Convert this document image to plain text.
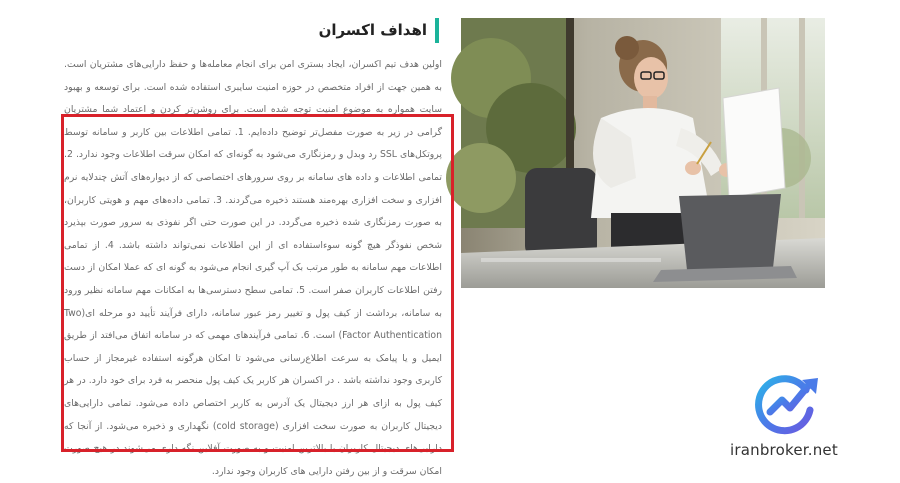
اهداف اکسران

اولین هدف تیم اکسران، ایجاد بستری امن برای انجام معامله‌ها و حفظ دارایی‌های مشتریان است. به همین جهت از افراد متخصص در حوزه امنیت سایبری استفاده شده است. برای توسعه و بهبود سایت همواره به موضوع امنیت توجه شده است. برای روشن‌تر کردن و اعتماد شما مشتریان گرامی در زیر به صورت مفصل‌تر توضیح داده‌ایم. 1. تمامی اطلاعات بین کاربر و سامانه توسط پروتکل‌های SSL رد وبدل و رمزنگاری می‌شود به گونه‌ای که امکان سرقت اطلاعات وجود ندارد. 2. تمامی اطلاعات و داده های سامانه بر روی سرورهای اختصاصی که از دیواره‌های آتش چندلایه نرم افزاری و سخت افزاری بهره‌مند هستند ذخیره می‌گردند. 3. تمامی داده‌های مهم و هویتی کاربران، به صورت رمزنگاری شده ذخیره می‌گردد. در این صورت حتی اگر نفوذی به سرور صورت بپذیرد شخص نفوذگر هیچ گونه سوءاستفاده ای از این اطلاعات نمی‌تواند داشته باشد. 4. از تمامی اطلاعات مهم سامانه به طور مرتب بک آپ گیری انجام می‌شود به گونه ای که عملا امکان از دست رفتن اطلاعات کاربران صفر است. 5. تمامی سطح دسترسی‌ها به امکانات مهم سامانه نظیر ورود به سامانه، برداشت از کیف پول و تغییر رمز عبور سامانه، دارای فرآیند تأیید دو مرحله ای(Two Factor Authentication) است. 6. تمامی فرآیندهای مهمی که در سامانه اتفاق می‌افتد از طریق ایمیل و یا پیامک به سرعت اطلاع‌رسانی می‌شود تا امکان هرگونه استفاده غیرمجاز از حساب کاربری وجود نداشته باشد . در اکسران هر کاربر یک کیف پول منحصر به فرد برای خود دارد. در هر کیف پول به ازای هر ارز دیجیتال یک آدرس به کاربر اختصاص داده می‌شود. تمامی دارایی‌های دیجیتال کاربران به صورت سخت افزاری (cold storage) نگهداری و ذخیره می‌شود. از آنجا که دارایی‌های دیجیتال کاربران با بالاترین امنیت و به صورت آفلاین نگه داری می‌شوند در هیچ صورت امکان سرقت و از بین رفتن دارایی های کاربران وجود ندارد.

iranbroker.net
